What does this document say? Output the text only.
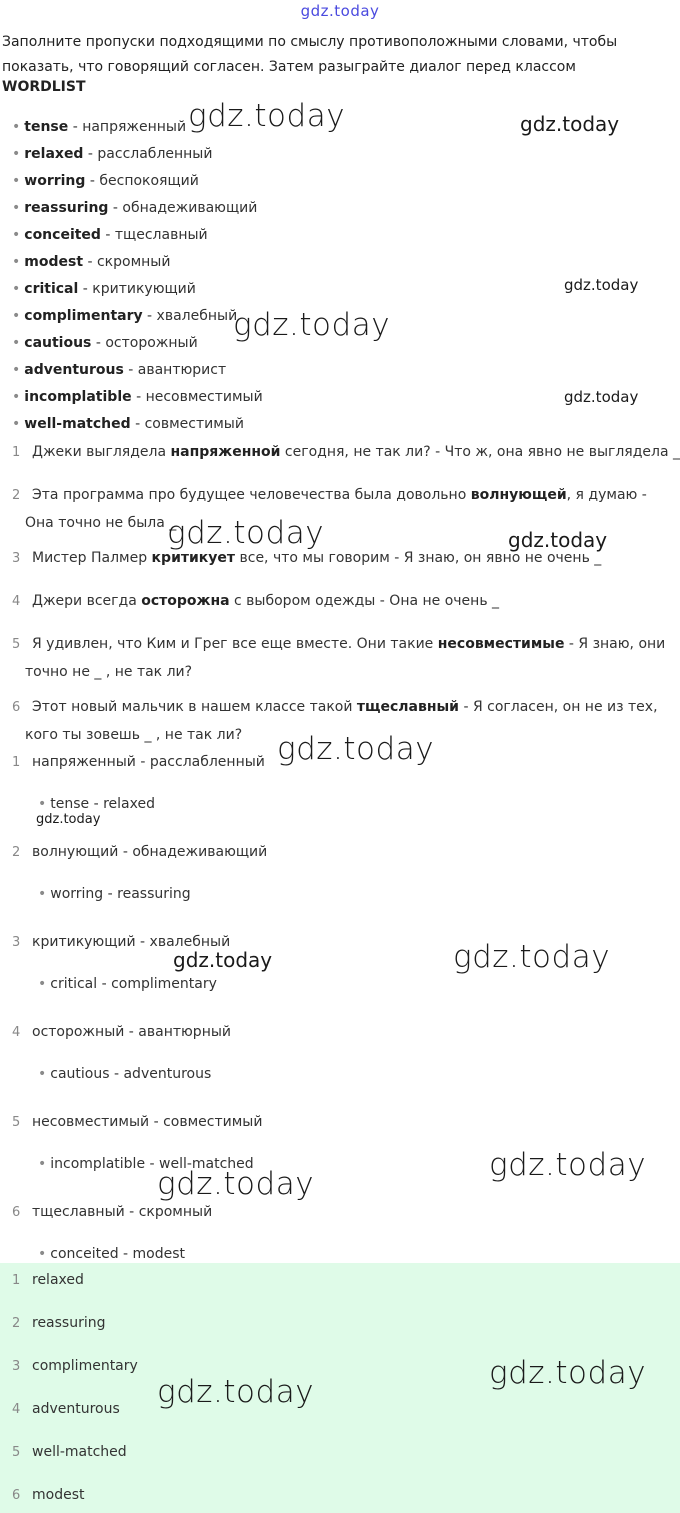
gdz.today
Заполните пропуски подходящими по смыслу противоположными словами, чтобы показать, что говорящий согласен. Затем разыграйте диалог перед классом
WORDLIST
• tense - напряженный
• relaxed - расслабленный
• worring - беспокоящий
• reassuring - обнадеживающий
• conceited - тщеславный
• modest - скромный
• critical - критикующий
• complimentary - хвалебный
• cautious - осторожный
• adventurous - авантюрист
• incomplatible - несовместимый
• well-matched - совместимый
1 Джеки выглядела напряженной сегодня, не так ли? - Что ж, она явно не выглядела _
2 Эта программа про будущее человечества была довольно волнующей, я думаю -
Она точно не была _
3 Мистер Палмер критикует все, что мы говорим - Я знаю, он явно не очень _
4 Джери всегда осторожна с выбором одежды - Она не очень _
5 Я удивлен, что Ким и Грег все еще вместе. Они такие несовместимые - Я знаю, они
точно не _ , не так ли?
6 Этот новый мальчик в нашем классе такой тщеславный - Я согласен, он не из тех,
кого ты зовешь _ , не так ли?
1 напряженный - расслабленный
• tense - relaxed
2 волнующий - обнадеживающий
• worring - reassuring
3 критикующий - хвалебный
• critical - complimentary
4 осторожный - авантюрный
• cautious - adventurous
5 несовместимый - совместимый
• incomplatible - well-matched
6 тщеславный - скромный
• conceited - modest
1 relaxed
2 reassuring
3 complimentary
4 adventurous
5 well-matched
6 modest
gdz.today	gdz.today
gdz.today
gdz.today
gdz.today
gdz.today	gdz.today
gdz.today
gdz.today
gdz.today	gdz.today
gdz.today
gdz.today
gdz.today
gdz.today
